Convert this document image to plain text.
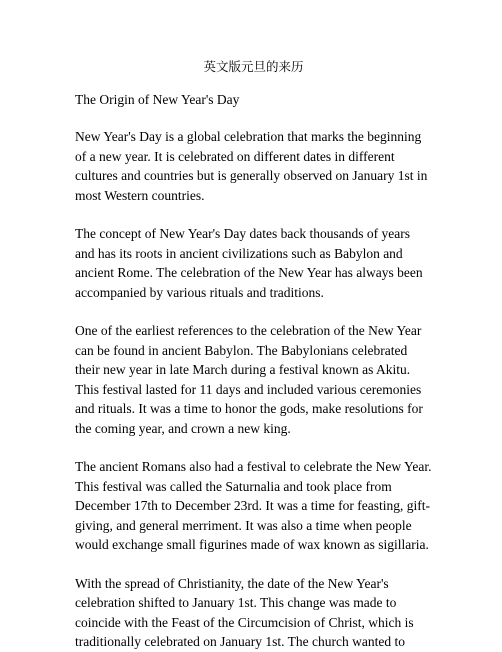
英文版元旦的来历
The Origin of New Year's Day

New Year's Day is a global celebration that marks the beginning of a new year. It is celebrated on different dates in different cultures and countries but is generally observed on January 1st in most Western countries.

The concept of New Year's Day dates back thousands of years and has its roots in ancient civilizations such as Babylon and ancient Rome. The celebration of the New Year has always been accompanied by various rituals and traditions.

One of the earliest references to the celebration of the New Year can be found in ancient Babylon. The Babylonians celebrated their new year in late March during a festival known as Akitu. This festival lasted for 11 days and included various ceremonies and rituals. It was a time to honor the gods, make resolutions for the coming year, and crown a new king.

The ancient Romans also had a festival to celebrate the New Year. This festival was called the Saturnalia and took place from December 17th to December 23rd. It was a time for feasting, gift-giving, and general merriment. It was also a time when people would exchange small figurines made of wax known as sigillaria.

With the spread of Christianity, the date of the New Year's celebration shifted to January 1st. This change was made to coincide with the Feast of the Circumcision of Christ, which is traditionally celebrated on January 1st. The church wanted to
